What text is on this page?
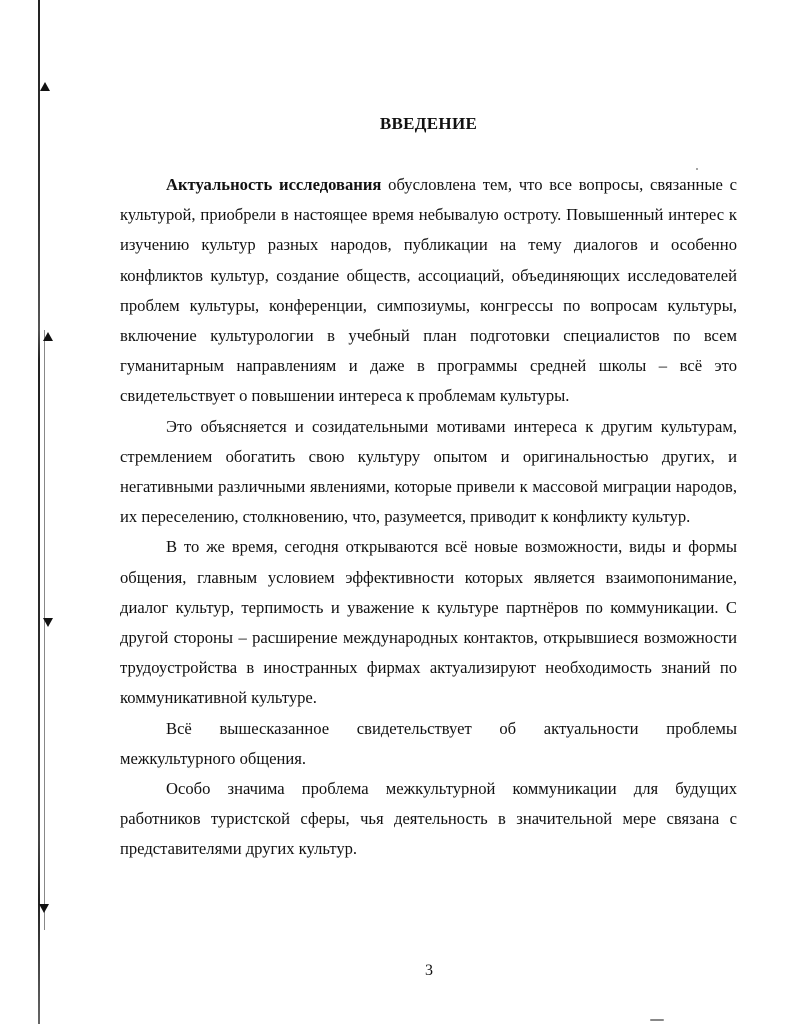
ВВЕДЕНИЕ

Актуальность исследования обусловлена тем, что все вопросы, связанные с культурой, приобрели в настоящее время небывалую остроту. Повышенный интерес к изучению культур разных народов, публикации на тему диалогов и особенно конфликтов культур, создание обществ, ассоциаций, объединяющих исследователей проблем культуры, конференции, симпозиумы, конгрессы по вопросам культуры, включение культурологии в учебный план подготовки специалистов по всем гуманитарным направлениям и даже в программы средней школы – всё это свидетельствует о повышении интереса к проблемам культуры.

Это объясняется и созидательными мотивами интереса к другим культурам, стремлением обогатить свою культуру опытом и оригинальностью других, и негативными различными явлениями, которые привели к массовой миграции народов, их переселению, столкновению, что, разумеется, приводит к конфликту культур.

В то же время, сегодня открываются всё новые возможности, виды и формы общения, главным условием эффективности которых является взаимопонимание, диалог культур, терпимость и уважение к культуре партнёров по коммуникации. С другой стороны – расширение международных контактов, открывшиеся возможности трудоустройства в иностранных фирмах актуализируют необходимость знаний по коммуникативной культуре.

Всё вышесказанное свидетельствует об актуальности проблемы межкультурного общения.

Особо значима проблема межкультурной коммуникации для будущих работников туристской сферы, чья деятельность в значительной мере связана с представителями других культур.

3
